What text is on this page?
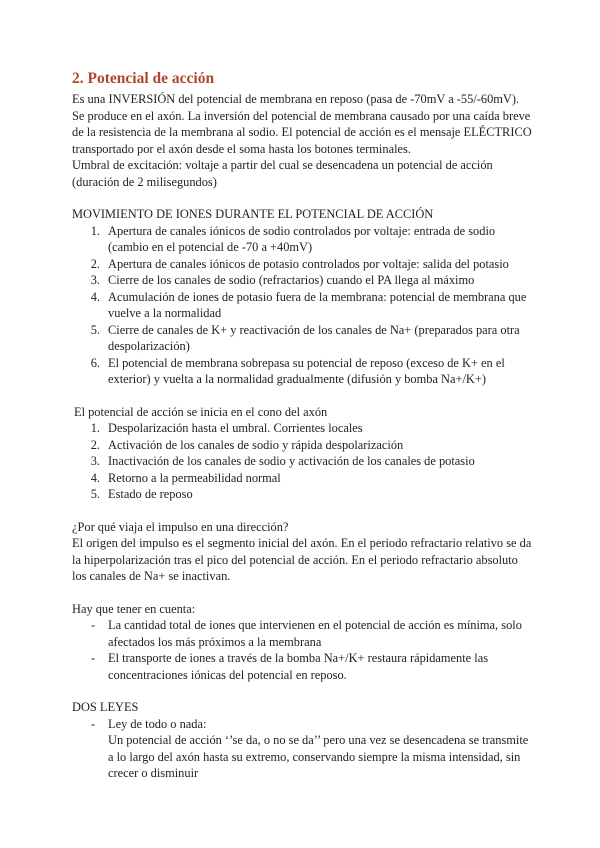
2. Potencial de acción

Es una INVERSIÓN del potencial de membrana en reposo (pasa de -70mV a -55/-60mV). Se produce en el axón. La inversión del potencial de membrana causado por una caída breve de la resistencia de la membrana al sodio. El potencial de acción es el mensaje ELÉCTRICO transportado por el axón desde el soma hasta los botones terminales.

Umbral de excitación: voltaje a partir del cual se desencadena un potencial de acción (duración de 2 milisegundos)

MOVIMIENTO DE IONES DURANTE EL POTENCIAL DE ACCIÓN

1. Apertura de canales iónicos de sodio controlados por voltaje: entrada de sodio (cambio en el potencial de -70 a +40mV)
2. Apertura de canales iónicos de potasio controlados por voltaje: salida del potasio
3. Cierre de los canales de sodio (refractarios) cuando el PA llega al máximo
4. Acumulación de iones de potasio fuera de la membrana: potencial de membrana que vuelve a la normalidad
5. Cierre de canales de K+ y reactivación de los canales de Na+ (preparados para otra despolarización)
6. El potencial de membrana sobrepasa su potencial de reposo (exceso de K+ en el exterior) y vuelta a la normalidad gradualmente (difusión y bomba Na+/K+)

El potencial de acción se inicia en el cono del axón

1. Despolarización hasta el umbral. Corrientes locales
2. Activación de los canales de sodio y rápida despolarización
3. Inactivación de los canales de sodio y activación de los canales de potasio
4. Retorno a la permeabilidad normal
5. Estado de reposo

¿Por qué viaja el impulso en una dirección?

El origen del impulso es el segmento inicial del axón. En el periodo refractario relativo se da la hiperpolarización tras el pico del potencial de acción. En el periodo refractario absoluto los canales de Na+ se inactivan.

Hay que tener en cuenta:

-	La cantidad total de iones que intervienen en el potencial de acción es mínima, solo afectados los más próximos a la membrana
-	El transporte de iones a través de la bomba Na+/K+ restaura rápidamente las concentraciones iónicas del potencial en reposo.

DOS LEYES

-	Ley de todo o nada:
Un potencial de acción ‘’se da, o no se da’’ pero una vez se desencadena se transmite a lo largo del axón hasta su extremo, conservando siempre la misma intensidad, sin crecer o disminuir
